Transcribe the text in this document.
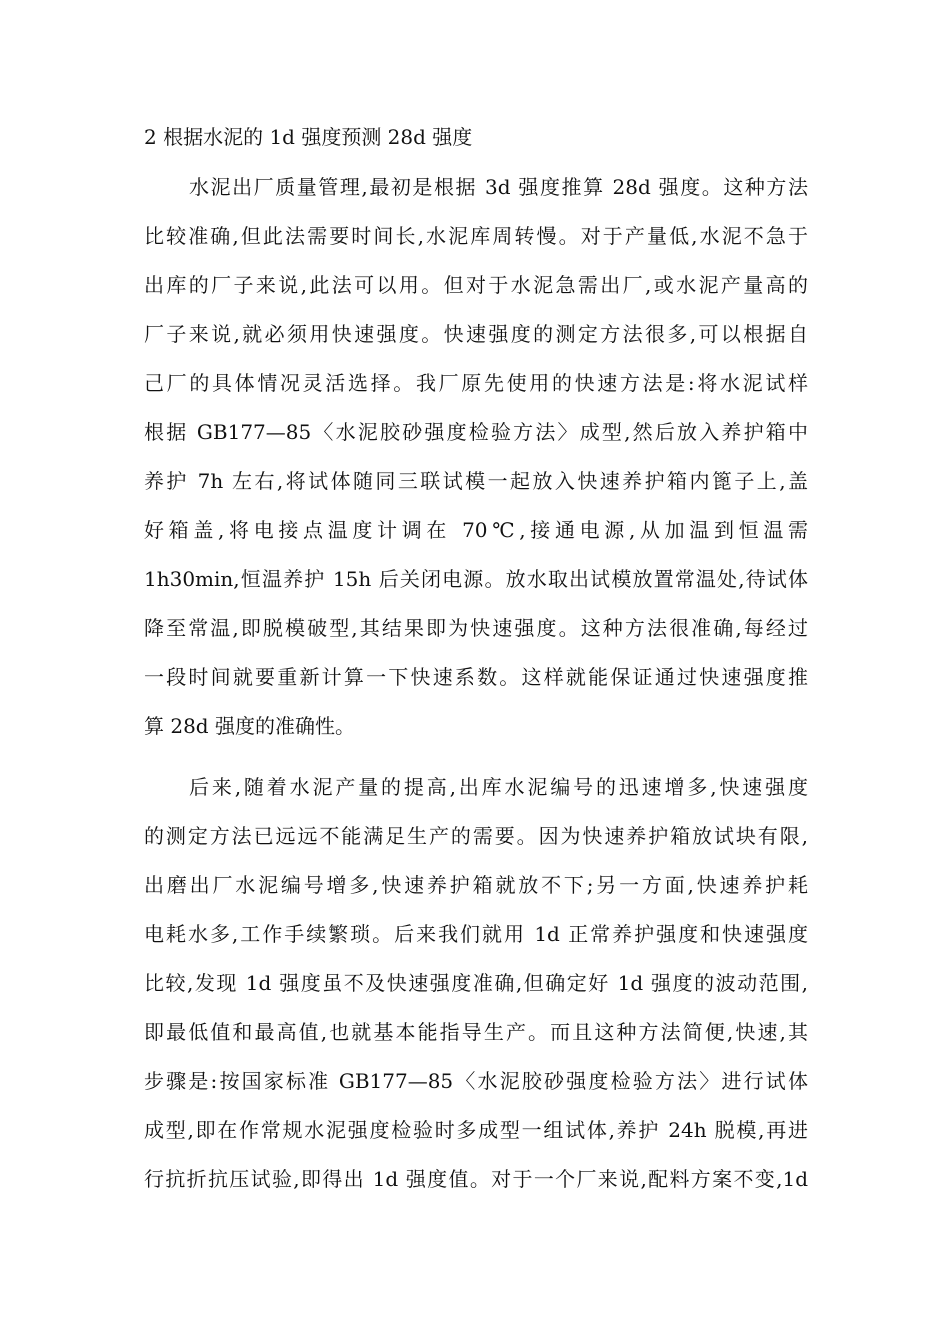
2 根据水泥的 1d 强度预测 28d 强度
水泥出厂质量管理,最初是根据 3d 强度推算 28d 强度。这种方法
比较准确,但此法需要时间长,水泥库周转慢。对于产量低,水泥不急于
出库的厂子来说,此法可以用。但对于水泥急需出厂,或水泥产量高的
厂子来说,就必须用快速强度。快速强度的测定方法很多,可以根据自
己厂的具体情况灵活选择。我厂原先使用的快速方法是:将水泥试样
根据 GB177—85〈水泥胶砂强度检验方法〉成型,然后放入养护箱中
养护 7h 左右,将试体随同三联试模一起放入快速养护箱内篦子上,盖
好箱盖,将电接点温度计调在 70℃,接通电源,从加温到恒温需
1h30min,恒温养护 15h 后关闭电源。放水取出试模放置常温处,待试体
降至常温,即脱模破型,其结果即为快速强度。这种方法很准确,每经过
一段时间就要重新计算一下快速系数。这样就能保证通过快速强度推
算 28d 强度的准确性。
后来,随着水泥产量的提高,出库水泥编号的迅速增多,快速强度
的测定方法已远远不能满足生产的需要。因为快速养护箱放试块有限,
出磨出厂水泥编号增多,快速养护箱就放不下;另一方面,快速养护耗
电耗水多,工作手续繁琐。后来我们就用 1d 正常养护强度和快速强度
比较,发现 1d 强度虽不及快速强度准确,但确定好 1d 强度的波动范围,
即最低值和最高值,也就基本能指导生产。而且这种方法简便,快速,其
步骤是:按国家标准 GB177—85〈水泥胶砂强度检验方法〉进行试体
成型,即在作常规水泥强度检验时多成型一组试体,养护 24h 脱模,再进
行抗折抗压试验,即得出 1d 强度值。对于一个厂来说,配料方案不变,1d
